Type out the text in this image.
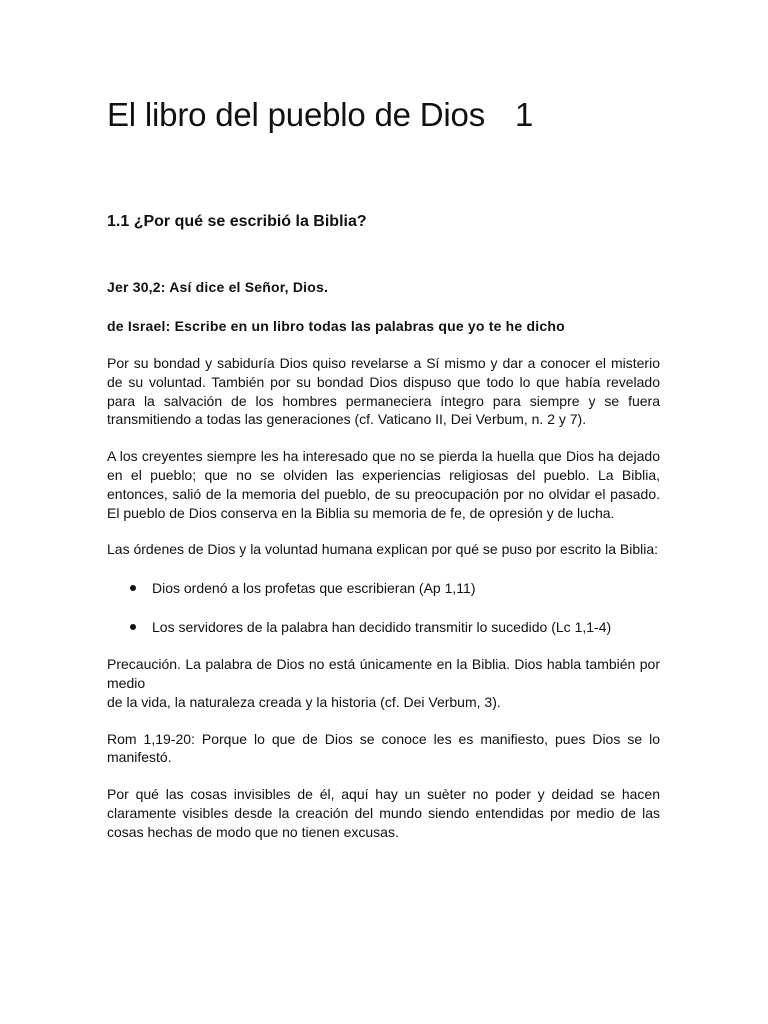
El libro del pueblo de Dios 1
1.1 ¿Por qué se escribió la Biblia?

Jer 30,2: Así dice el Señor, Dios.

de Israel: Escribe en un libro todas las palabras que yo te he dicho

Por su bondad y sabiduría Dios quiso revelarse a Sí mismo y dar a conocer el misterio de su voluntad. También por su bondad Dios dispuso que todo lo que había revelado para la salvación de los hombres permaneciera íntegro para siempre y se fuera transmitiendo a todas las generaciones (cf. Vaticano II, Dei Verbum, n. 2 y 7).

A los creyentes siempre les ha interesado que no se pierda la huella que Dios ha dejado en el pueblo; que no se olviden las experiencias religiosas del pueblo. La Biblia, entonces, salió de la memoria del pueblo, de su preocupación por no olvidar el pasado. El pueblo de Dios conserva en la Biblia su memoria de fe, de opresión y de lucha.

Las órdenes de Dios y la voluntad humana explican por qué se puso por escrito la Biblia:

Dios ordenó a los profetas que escribieran (Ap 1,11)
Los servidores de la palabra han decidido transmitir lo sucedido (Lc 1,1-4)

Precaución. La palabra de Dios no está únicamente en la Biblia. Dios habla también por medio

de la vida, la naturaleza creada y la historia (cf. Dei Verbum, 3).

Rom 1,19-20: Porque lo que de Dios se conoce les es manifiesto, pues Dios se lo manifestó.

Por qué las cosas invisibles de él, aquí hay un suèter no poder y deidad se hacen claramente visibles desde la creación del mundo siendo entendidas por medio de las cosas hechas de modo que no tienen excusas.
